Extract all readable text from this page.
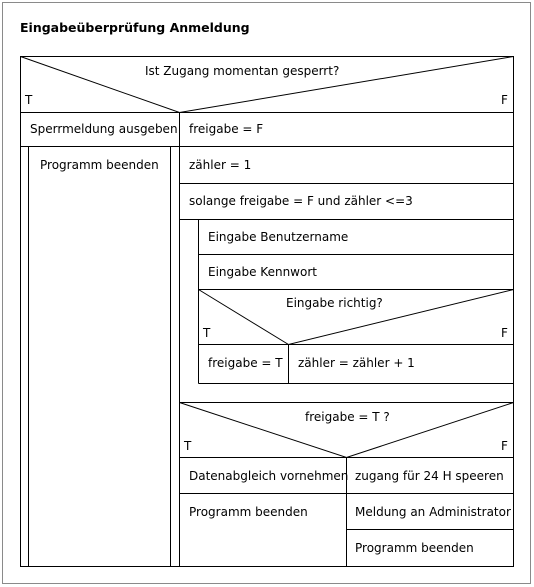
Eingabeüberprüfung Anmeldung
Ist Zugang momentan gesperrt?
T	F
Sperrmeldung ausgeben
Programm beenden
freigabe = F
zähler = 1
solange freigabe = F und zähler <=3
Eingabe Benutzername
Eingabe Kennwort
Eingabe richtig?
T	F
freigabe = T zähler = zähler + 1
freigabe = T ?
T	F
Datenabgleich vornehmen
Programm beenden
zugang für 24 H speeren
Meldung an Administrator
Programm beenden
